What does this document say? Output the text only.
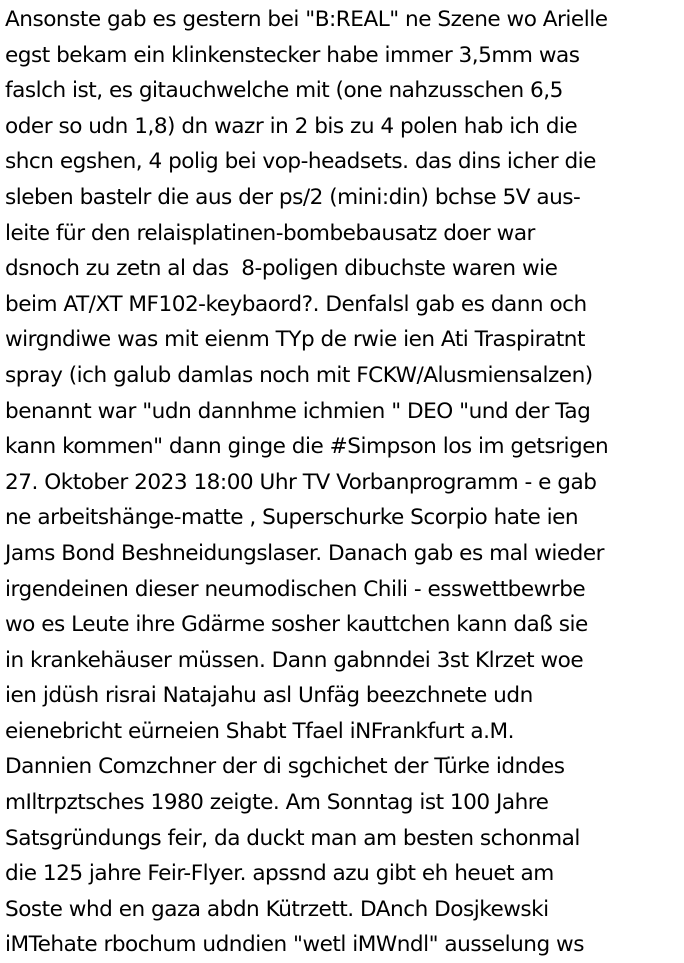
Ansonste gab es gestern bei "B:REAL" ne Szene wo Arielle
egst bekam ein klinkenstecker habe immer 3,5mm was
faslch ist, es gitauchwelche mit (one nahzusschen 6,5
oder so udn 1,8) dn wazr in 2 bis zu 4 polen hab ich die
shcn egshen, 4 polig bei vop-headsets. das dins icher die
sleben bastelr die aus der ps/2 (mini:din) bchse 5V aus-
leite für den relaisplatinen-bombebausatz doer war
dsnoch zu zetn al das  8-poligen dibuchste waren wie
beim AT/XT MF102-keybaord?. Denfalsl gab es dann och
wirgndiwe was mit eienm TYp de rwie ien Ati Traspiratnt
spray (ich galub damlas noch mit FCKW/Alusmiensalzen)
benannt war "udn dannhme ichmien " DEO "und der Tag
kann kommen" dann ginge die #Simpson los im getsrigen
27. Oktober 2023 18:00 Uhr TV Vorbanprogramm - e gab
ne arbeitshänge-matte , Superschurke Scorpio hate ien
Jams Bond Beshneidungslaser. Danach gab es mal wieder
irgendeinen dieser neumodischen Chili - esswettbewrbe
wo es Leute ihre Gdärme sosher kauttchen kann daß sie
in krankehäuser müssen. Dann gabnndei 3st Klrzet woe
ien jdüsh risrai Natajahu asl Unfäg beezchnete udn
eienebricht eürneien Shabt Tfael iNFrankfurt a.M.
Dannien Comzchner der di sgchichet der Türke idndes
mIltrpztsches 1980 zeigte. Am Sonntag ist 100 Jahre
Satsgründungs feir, da duckt man am besten schonmal
die 125 jahre Feir-Flyer. apssnd azu gibt eh heuet am
Soste whd en gaza abdn Kütrzett. DAnch Dosjkewski
iMTehate rbochum udndien "wetl iMWndl" ausselung ws
